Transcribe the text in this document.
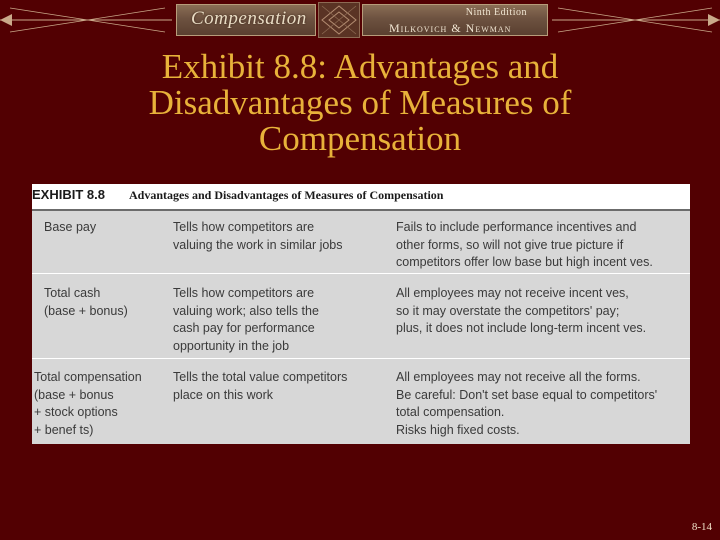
Compensation	Ninth Edition
Milkovich & Newman
Exhibit 8.8: Advantages and
Disadvantages of Measures of
Compensation
EXHIBIT 8.8 Advantages and Disadvantages of Measures of Compensation
Base pay	Tells how competitors are
valuing the work in similar jobs
Fails to include performance incentives and
other forms, so will not give true picture if
competitors offer low base but high incent ves.
Total cash
(base + bonus)
Tells how competitors are
valuing work; also tells the
cash pay for performance
opportunity in the job
All employees may not receive incent ves,
so it may overstate the competitors' pay;
plus, it does not include long-term incent ves.
Total compensation
(base + bonus
+ stock options
+ benef ts)
Tells the total value competitors
place on this work
All employees may not receive all the forms.
Be careful: Don't set base equal to competitors'
total compensation.
Risks high fixed costs.
8-14
